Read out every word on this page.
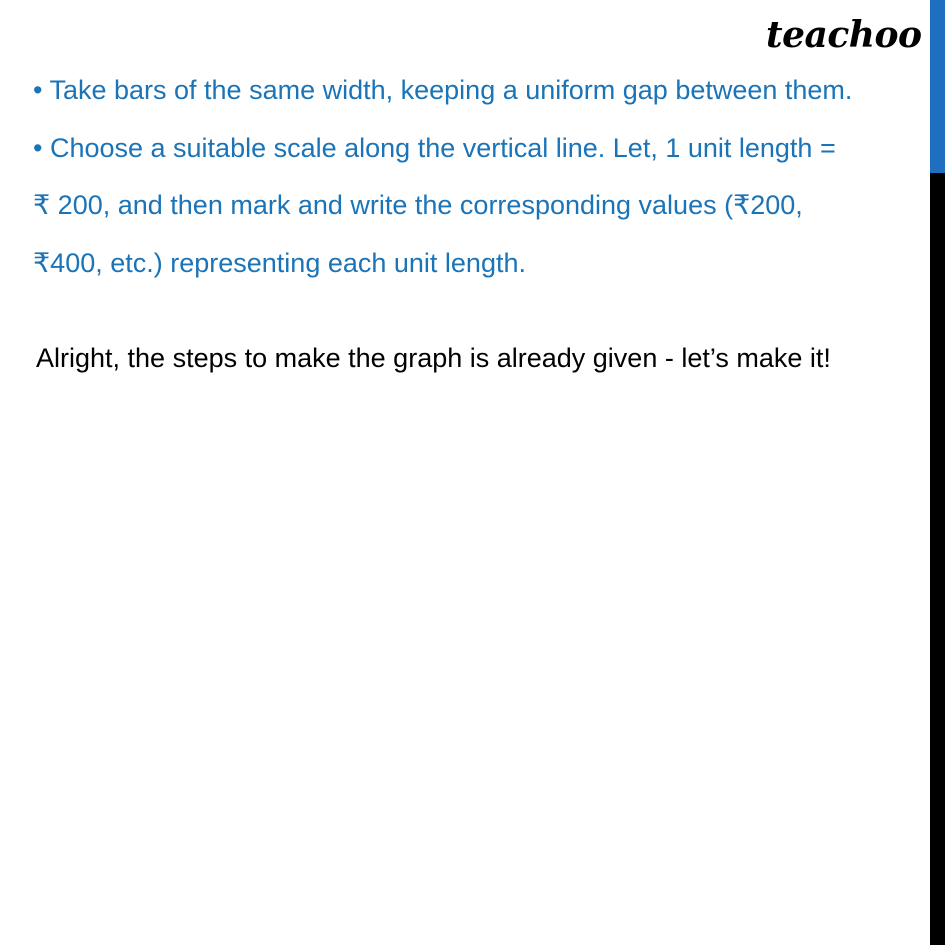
teachoo
• Take bars of the same width, keeping a uniform gap between them.
• Choose a suitable scale along the vertical line. Let, 1 unit length =
₹ 200, and then mark and write the corresponding values (₹200,
₹400, etc.) representing each unit length.
Alright, the steps to make the graph is already given - let’s make it!
